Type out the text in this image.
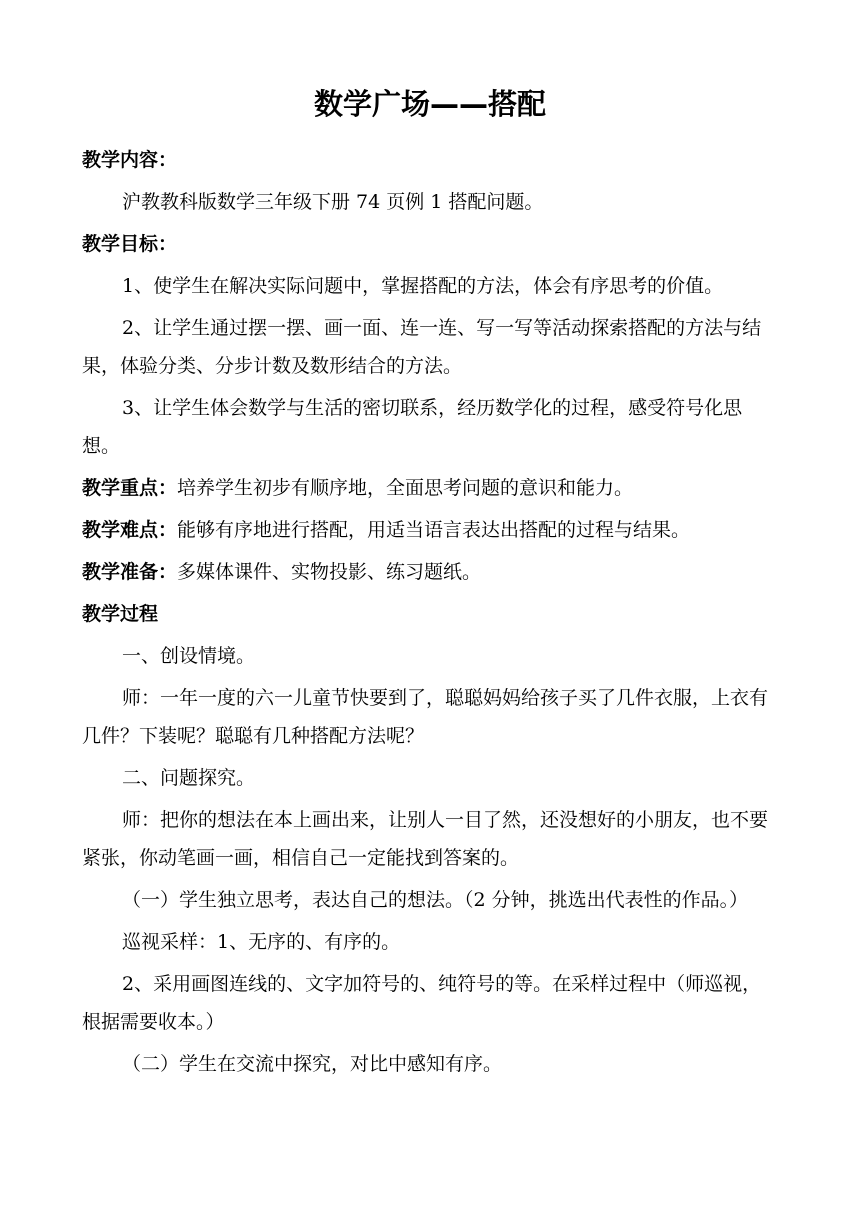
数学广场——搭配

教学内容：

沪教教科版数学三年级下册 74 页例 1 搭配问题。

教学目标：

1、使学生在解决实际问题中，掌握搭配的方法，体会有序思考的价值。

2、让学生通过摆一摆、画一面、连一连、写一写等活动探索搭配的方法与结果，体验分类、分步计数及数形结合的方法。

3、让学生体会数学与生活的密切联系，经历数学化的过程，感受符号化思想。

教学重点：培养学生初步有顺序地，全面思考问题的意识和能力。

教学难点：能够有序地进行搭配，用适当语言表达出搭配的过程与结果。

教学准备：多媒体课件、实物投影、练习题纸。

教学过程

一、创设情境。

师：一年一度的六一儿童节快要到了，聪聪妈妈给孩子买了几件衣服，上衣有几件？下装呢？聪聪有几种搭配方法呢？

二、问题探究。

师：把你的想法在本上画出来，让别人一目了然，还没想好的小朋友，也不要紧张，你动笔画一画，相信自己一定能找到答案的。

（一）学生独立思考，表达自己的想法。（2 分钟，挑选出代表性的作品。）

巡视采样：1、无序的、有序的。

2、采用画图连线的、文字加符号的、纯符号的等。在采样过程中（师巡视，根据需要收本。）

（二）学生在交流中探究，对比中感知有序。
